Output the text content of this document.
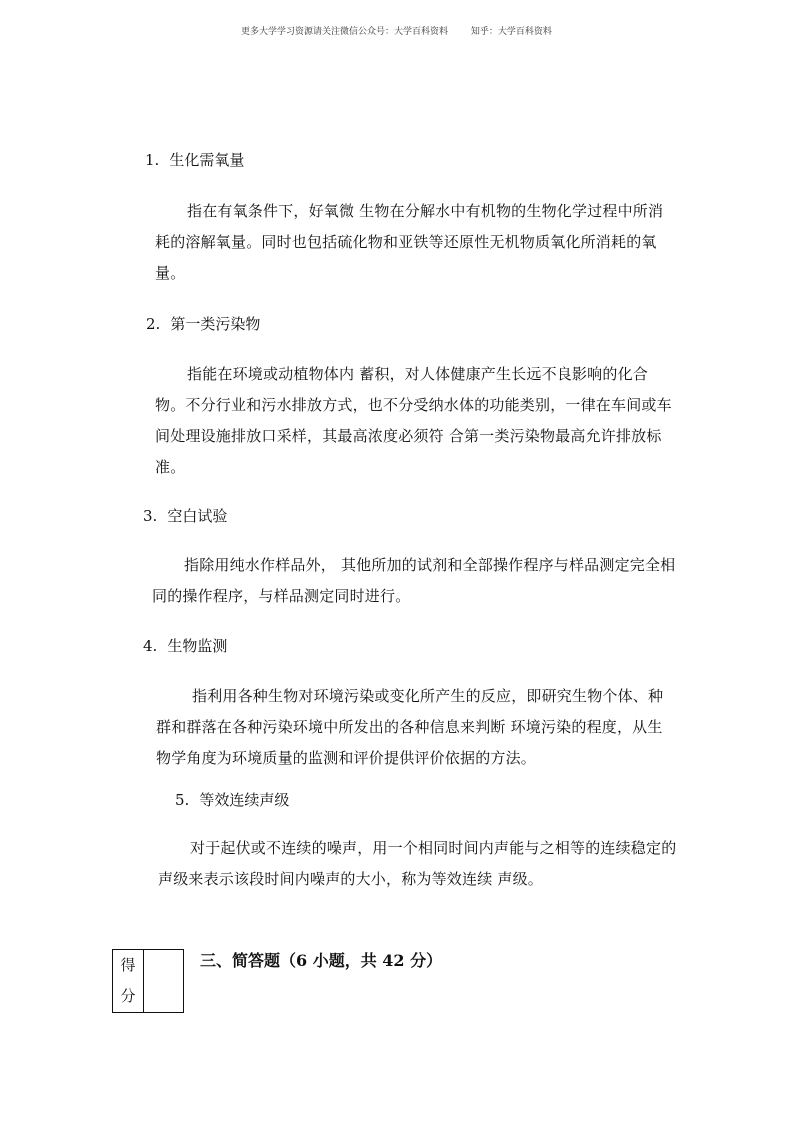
更多大学学习资源请关注微信公众号：大学百科资料        知乎：大学百科资料
1. 生化需氧量
指在有氧条件下，好氧微 生物在分解水中有机物的生物化学过程中所消耗的溶解氧量。同时也包括硫化物和亚铁等还原性无机物质氧化所消耗的氧量。
2. 第一类污染物
指能在环境或动植物体内 蓄积，对人体健康产生长远不良影响的化合物。不分行业和污水排放方式，也不分受纳水体的功能类别，一律在车间或车间处理设施排放口采样，其最高浓度必须符 合第一类污染物最高允许排放标准。
3. 空白试验
指除用纯水作样品外， 其他所加的试剂和全部操作程序与样品测定完全相同的操作程序，与样品测定同时进行。
4. 生物监测
指利用各种生物对环境污染或变化所产生的反应，即研究生物个体、种群和群落在各种污染环境中所发出的各种信息来判断 环境污染的程度，从生物学角度为环境质量的监测和评价提供评价依据的方法。
5. 等效连续声级
对于起伏或不连续的噪声，用一个相同时间内声能与之相等的连续稳定的声级来表示该段时间内噪声的大小，称为等效连续 声级。
得
分

三、简答题（6 小题，共 42 分）
